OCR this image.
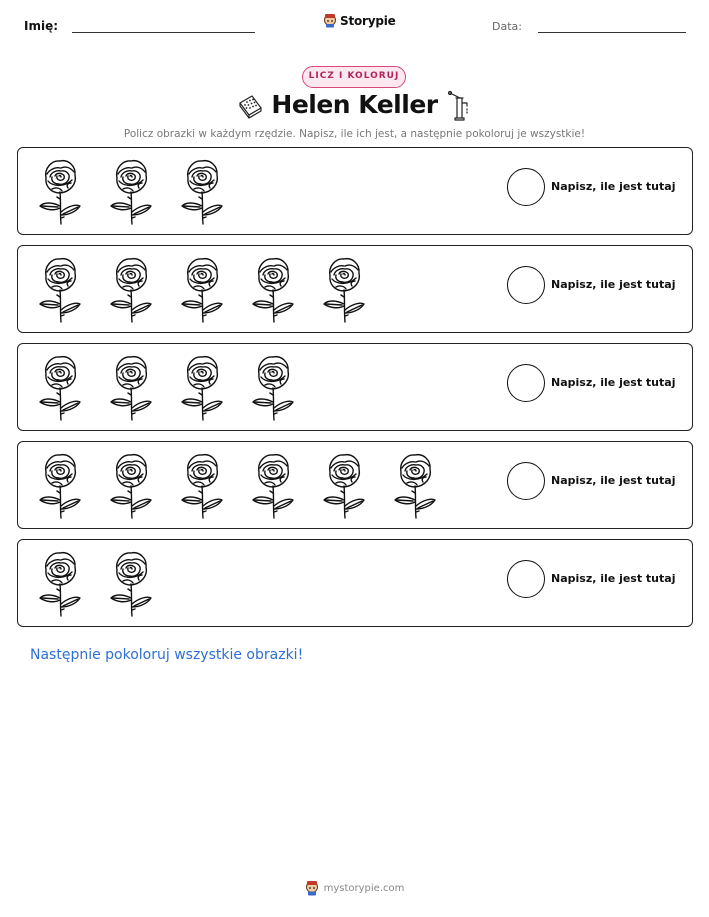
Imię:	Storypie	Data:
LICZ I KOLORUJ
Helen Keller
Policz obrazki w każdym rzędzie. Napisz, ile ich jest, a następnie pokoloruj je wszystkie!
Napisz, ile jest tutaj
Napisz, ile jest tutaj
Napisz, ile jest tutaj
Napisz, ile jest tutaj
Napisz, ile jest tutaj
Następnie pokoloruj wszystkie obrazki!
mystorypie.com
